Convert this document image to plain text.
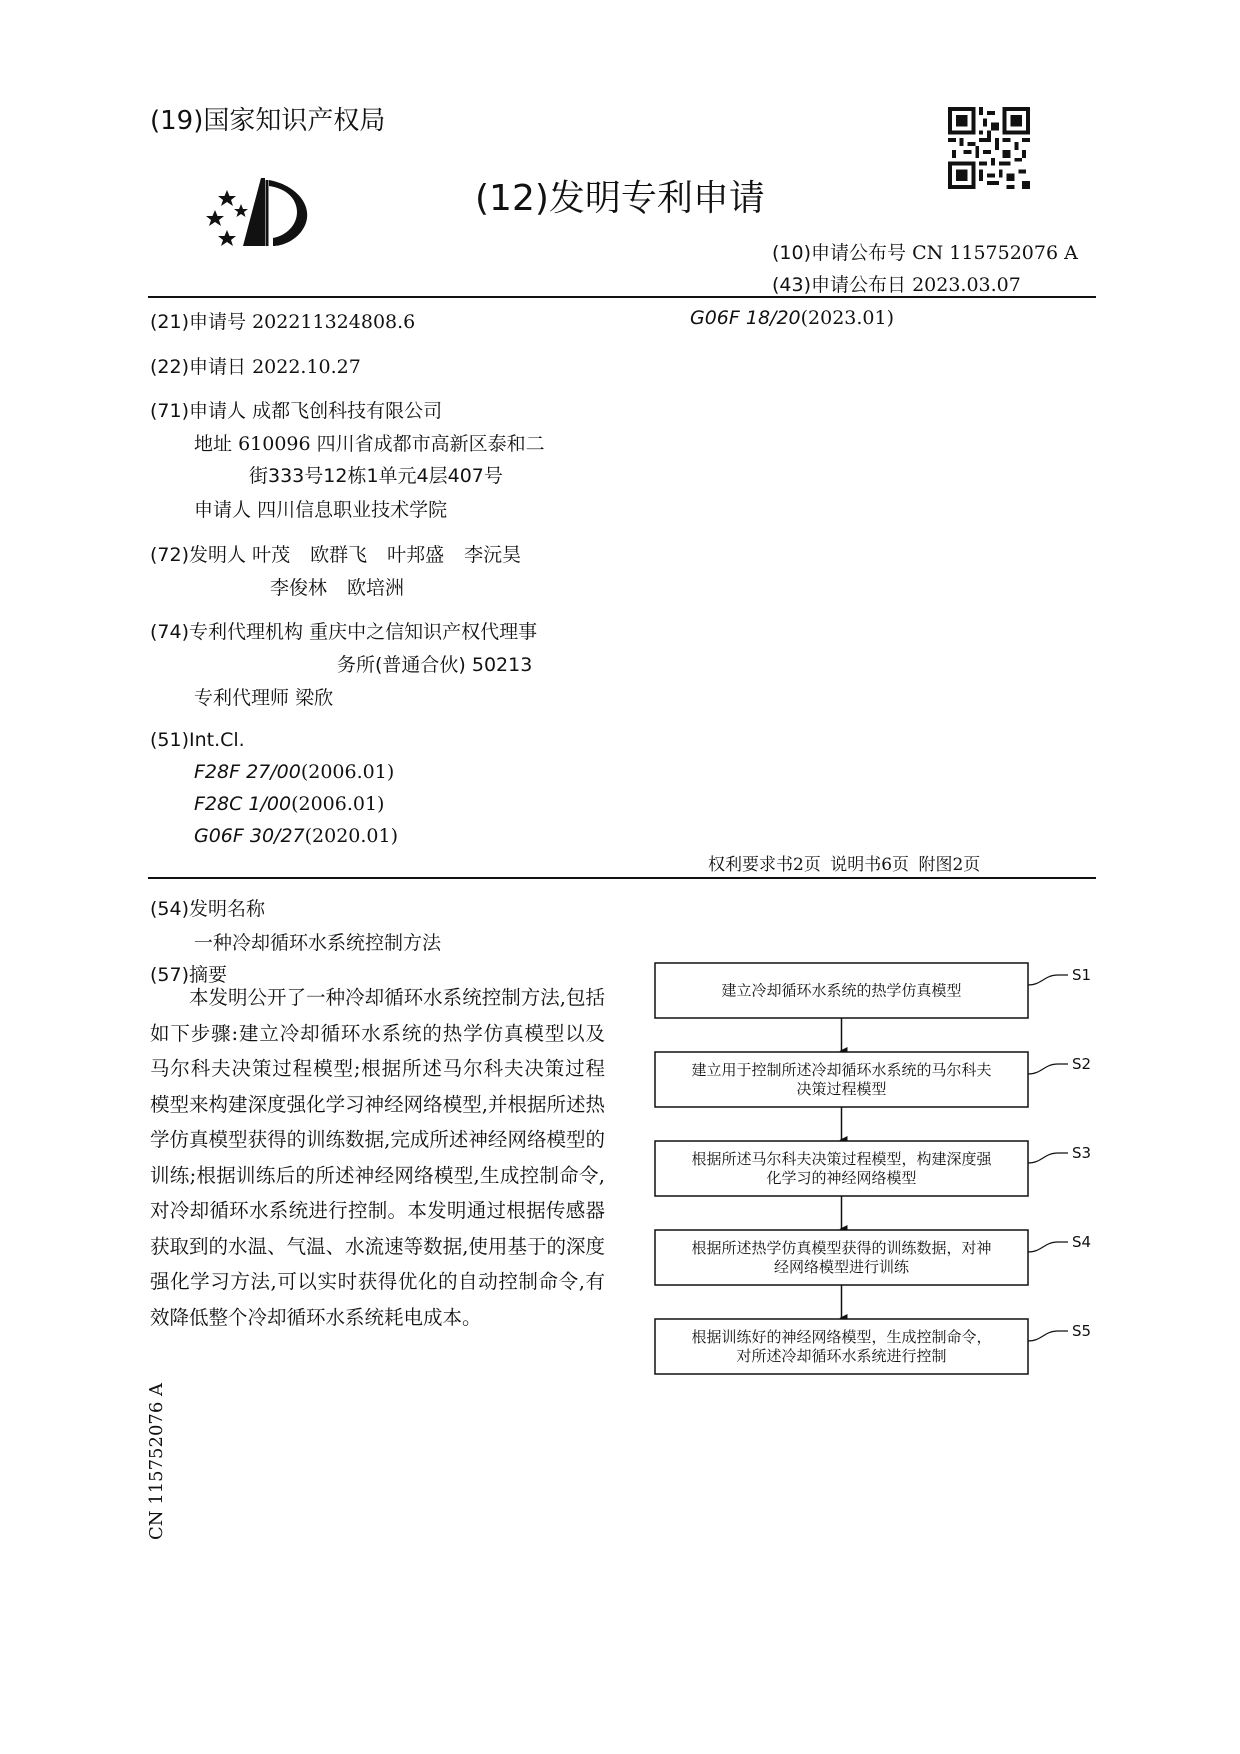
(19)国家知识产权局
(12)发明专利申请
(10)申请公布号 CN 115752076 A
(43)申请公布日 2023.03.07
(21)申请号 202211324808.6	G06F 18/20(2023.01)
(22)申请日 2022.10.27
(71)申请人 成都飞创科技有限公司
地址 610096 四川省成都市高新区泰和二
街333号12栋1单元4层407号
申请人 四川信息职业技术学院
(72)发明人 叶茂 欧群飞 叶邦盛 李沅昊
李俊林 欧培洲
(74)专利代理机构 重庆中之信知识产权代理事
务所(普通合伙) 50213
专利代理师 梁欣
(51)Int.Cl.
F28F 27/00(2006.01)
F28C 1/00(2006.01)
G06F 30/27(2020.01)
权利要求书2页 说明书6页 附图2页
(54)发明名称
一种冷却循环水系统控制方法
(57)摘要

本发明公开了一种冷却循环水系统控制方法,包括如下步骤:建立冷却循环水系统的热学仿真模型以及马尔科夫决策过程模型;根据所述马尔科夫决策过程模型来构建深度强化学习神经网络模型,并根据所述热学仿真模型获得的训练数据,完成所述神经网络模型的训练;根据训练后的所述神经网络模型,生成控制命令,对冷却循环水系统进行控制。本发明通过根据传感器获取到的水温、气温、水流速等数据,使用基于的深度强化学习方法,可以实时获得优化的自动控制命令,有效降低整个冷却循环水系统耗电成本。

建立冷却循环水系统的热学仿真模型
S1
建立用于控制所述冷却循环水系统的马尔科夫
决策过程模型
S2
根据所述马尔科夫决策过程模型，构建深度强
化学习的神经网络模型
S3
根据所述热学仿真模型获得的训练数据，对神
经网络模型进行训练
S4
根据训练好的神经网络模型，生成控制命令，
对所述冷却循环水系统进行控制
S5
CN 115752076 A
